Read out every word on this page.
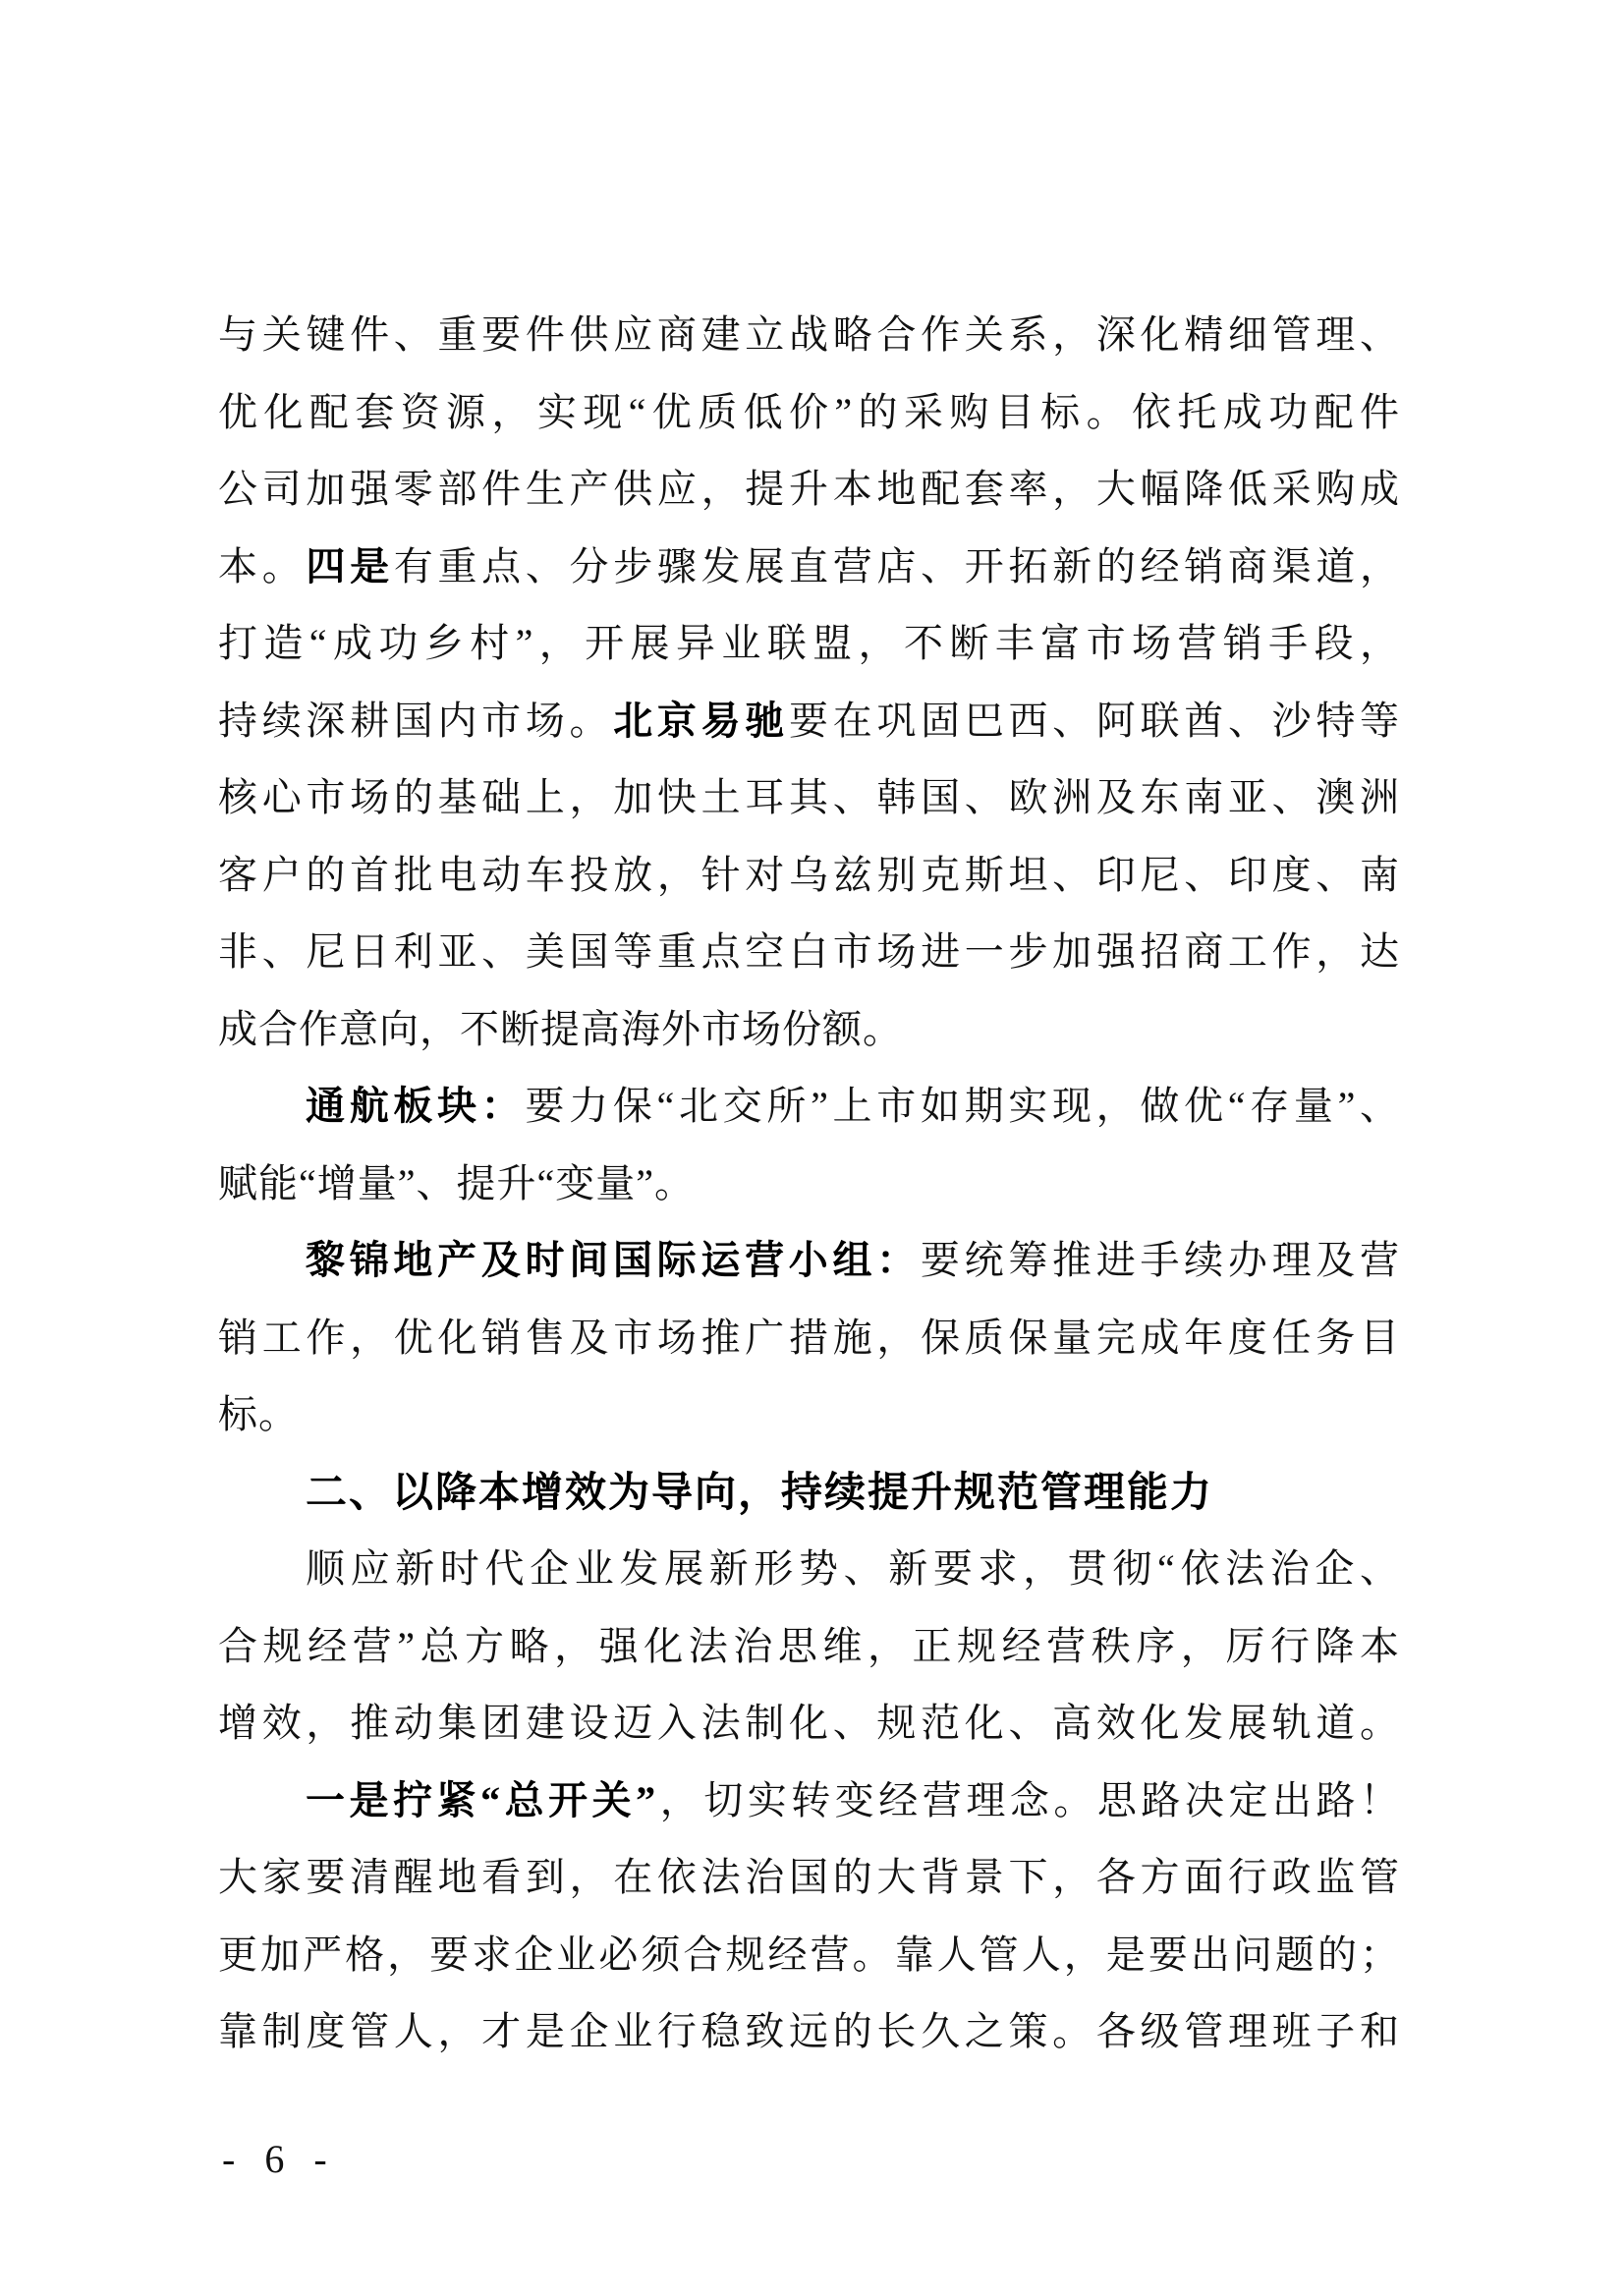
与关键件、重要件供应商建立战略合作关系，深化精细管理、
优化配套资源，实现“优质低价”的采购目标。依托成功配件
公司加强零部件生产供应，提升本地配套率，大幅降低采购成
本。四是有重点、分步骤发展直营店、开拓新的经销商渠道，
打造“成功乡村”，开展异业联盟，不断丰富市场营销手段，
持续深耕国内市场。北京易驰要在巩固巴西、阿联酋、沙特等
核心市场的基础上，加快土耳其、韩国、欧洲及东南亚、澳洲
客户的首批电动车投放，针对乌兹别克斯坦、印尼、印度、南
非、尼日利亚、美国等重点空白市场进一步加强招商工作，达
成合作意向，不断提高海外市场份额。
通航板块：要力保“北交所”上市如期实现，做优“存量”、
赋能“增量”、提升“变量”。
黎锦地产及时间国际运营小组：要统筹推进手续办理及营
销工作，优化销售及市场推广措施，保质保量完成年度任务目
标。
二、以降本增效为导向，持续提升规范管理能力
顺应新时代企业发展新形势、新要求，贯彻“依法治企、
合规经营”总方略，强化法治思维，正规经营秩序，厉行降本
增效，推动集团建设迈入法制化、规范化、高效化发展轨道。
一是拧紧“总开关”，切实转变经营理念。思路决定出路！
大家要清醒地看到，在依法治国的大背景下，各方面行政监管
更加严格，要求企业必须合规经营。靠人管人，是要出问题的；
靠制度管人，才是企业行稳致远的长久之策。各级管理班子和
- 6 -
